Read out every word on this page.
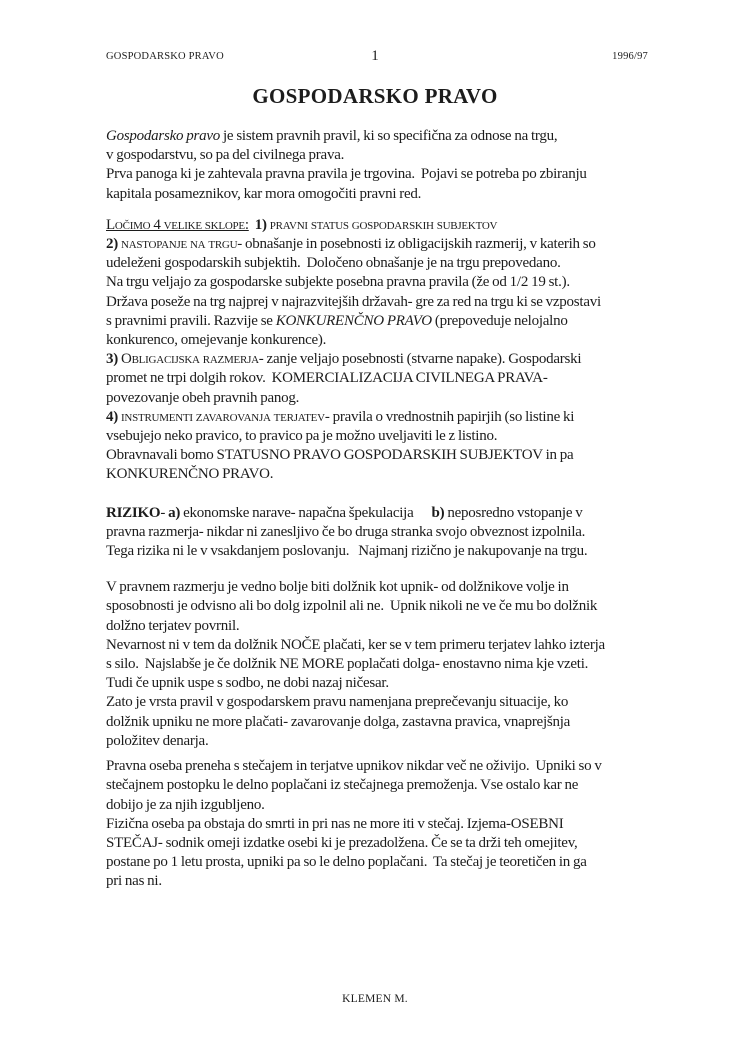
GOSPODARSKO PRAVO	1	1996/97
GOSPODARSKO PRAVO
Gospodarsko pravo je sistem pravnih pravil, ki so specifična za odnose na trgu,
v gospodarstvu, so pa del civilnega prava.
Prva panoga ki je zahtevala pravna pravila je trgovina.  Pojavi se potreba po zbiranju
kapitala posameznikov, kar mora omogočiti pravni red.
Ločimo 4 velike sklope: 1) pravni status gospodarskih subjektov
2) nastopanje na trgu- obnašanje in posebnosti iz obligacijskih razmerij, v katerih so
udeleženi gospodarskih subjektih.  Določeno obnašanje je na trgu prepovedano.
Na trgu veljajo za gospodarske subjekte posebna pravna pravila (že od 1/2 19 st.).
Država poseže na trg najprej v najrazvitejših državah- gre za red na trgu ki se vzpostavi
s pravnimi pravili. Razvije se KONKURENČNO PRAVO (prepoveduje nelojalno
konkurenco, omejevanje konkurence).
3) Obligacijska razmerja- zanje veljajo posebnosti (stvarne napake). Gospodarski
promet ne trpi dolgih rokov.  KOMERCIALIZACIJA CIVILNEGA PRAVA-
povezovanje obeh pravnih panog.
4) instrumenti zavarovanja terjatev- pravila o vrednostnih papirjih (so listine ki
vsebujejo neko pravico, to pravico pa je možno uveljaviti le z listino.
Obravnavali bomo STATUSNO PRAVO GOSPODARSKIH SUBJEKTOV in pa
KONKURENČNO PRAVO.
RIZIKO- a) ekonomske narave- napačna špekulacija      b) neposredno vstopanje v
pravna razmerja- nikdar ni zanesljivo če bo druga stranka svojo obveznost izpolnila.
Tega rizika ni le v vsakdanjem poslovanju.   Najmanj rizično je nakupovanje na trgu.
V pravnem razmerju je vedno bolje biti dolžnik kot upnik- od dolžnikove volje in
sposobnosti je odvisno ali bo dolg izpolnil ali ne.  Upnik nikoli ne ve če mu bo dolžnik
dolžno terjatev povrnil.
Nevarnost ni v tem da dolžnik NOČE plačati, ker se v tem primeru terjatev lahko izterja
s silo.  Najslabše je če dolžnik NE MORE poplačati dolga- enostavno nima kje vzeti.
Tudi če upnik uspe s sodbo, ne dobi nazaj ničesar.
Zato je vrsta pravil v gospodarskem pravu namenjana preprečevanju situacije, ko
dolžnik upniku ne more plačati- zavarovanje dolga, zastavna pravica, vnaprejšnja
položitev denarja.
Pravna oseba preneha s stečajem in terjatve upnikov nikdar več ne oživijo.  Upniki so v
stečajnem postopku le delno poplačani iz stečajnega premoženja. Vse ostalo kar ne
dobijo je za njih izgubljeno.
Fizična oseba pa obstaja do smrti in pri nas ne more iti v stečaj. Izjema-OSEBNI
STEČAJ- sodnik omeji izdatke osebi ki je prezadolžena. Če se ta drži teh omejitev,
postane po 1 letu prosta, upniki pa so le delno poplačani.  Ta stečaj je teoretičen in ga
pri nas ni.
KLEMEN M.
